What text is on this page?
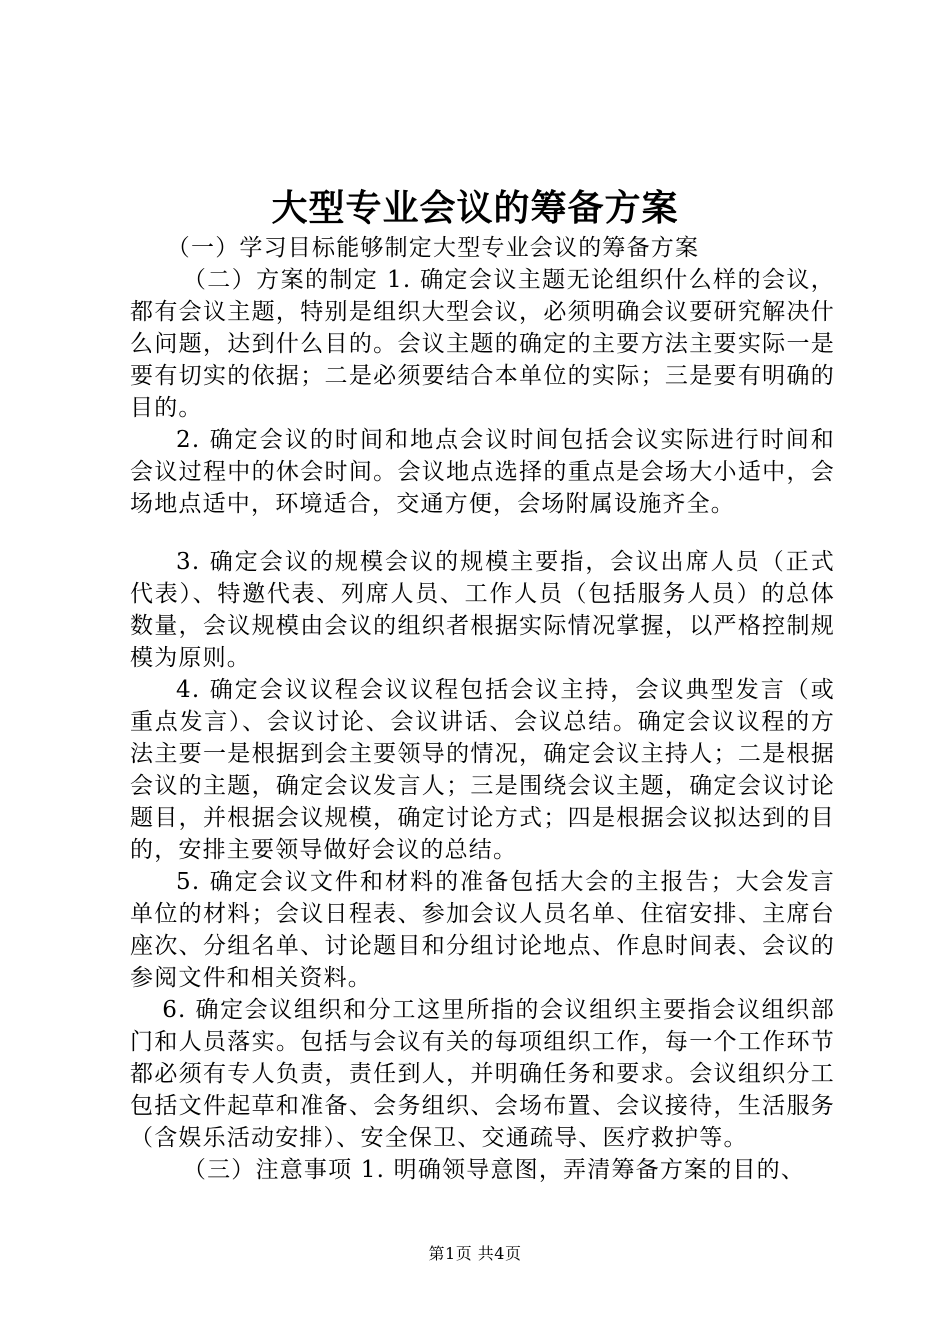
大型专业会议的筹备方案

（一）学习目标能够制定大型专业会议的筹备方案

（二）方案的制定 1. 确定会议主题无论组织什么样的会议，都有会议主题，特别是组织大型会议，必须明确会议要研究解决什么问题，达到什么目的。会议主题的确定的主要方法主要实际一是要有切实的依据；二是必须要结合本单位的实际；三是要有明确的目的。

2. 确定会议的时间和地点会议时间包括会议实际进行时间和会议过程中的休会时间。会议地点选择的重点是会场大小适中，会场地点适中，环境适合，交通方便，会场附属设施齐全。

3. 确定会议的规模会议的规模主要指，会议出席人员（正式代表）、特邀代表、列席人员、工作人员（包括服务人员）的总体数量，会议规模由会议的组织者根据实际情况掌握，以严格控制规模为原则。

4. 确定会议议程会议议程包括会议主持，会议典型发言（或重点发言）、会议讨论、会议讲话、会议总结。确定会议议程的方法主要一是根据到会主要领导的情况，确定会议主持人；二是根据会议的主题，确定会议发言人；三是围绕会议主题，确定会议讨论题目，并根据会议规模，确定讨论方式；四是根据会议拟达到的目的，安排主要领导做好会议的总结。

5. 确定会议文件和材料的准备包括大会的主报告；大会发言单位的材料；会议日程表、参加会议人员名单、住宿安排、主席台座次、分组名单、讨论题目和分组讨论地点、作息时间表、会议的参阅文件和相关资料。

6. 确定会议组织和分工这里所指的会议组织主要指会议组织部门和人员落实。包括与会议有关的每项组织工作，每一个工作环节都必须有专人负责，责任到人，并明确任务和要求。会议组织分工包括文件起草和准备、会务组织、会场布置、会议接待，生活服务（含娱乐活动安排）、安全保卫、交通疏导、医疗救护等。

（三）注意事项 1. 明确领导意图，弄清筹备方案的目的、

第1页 共4页
